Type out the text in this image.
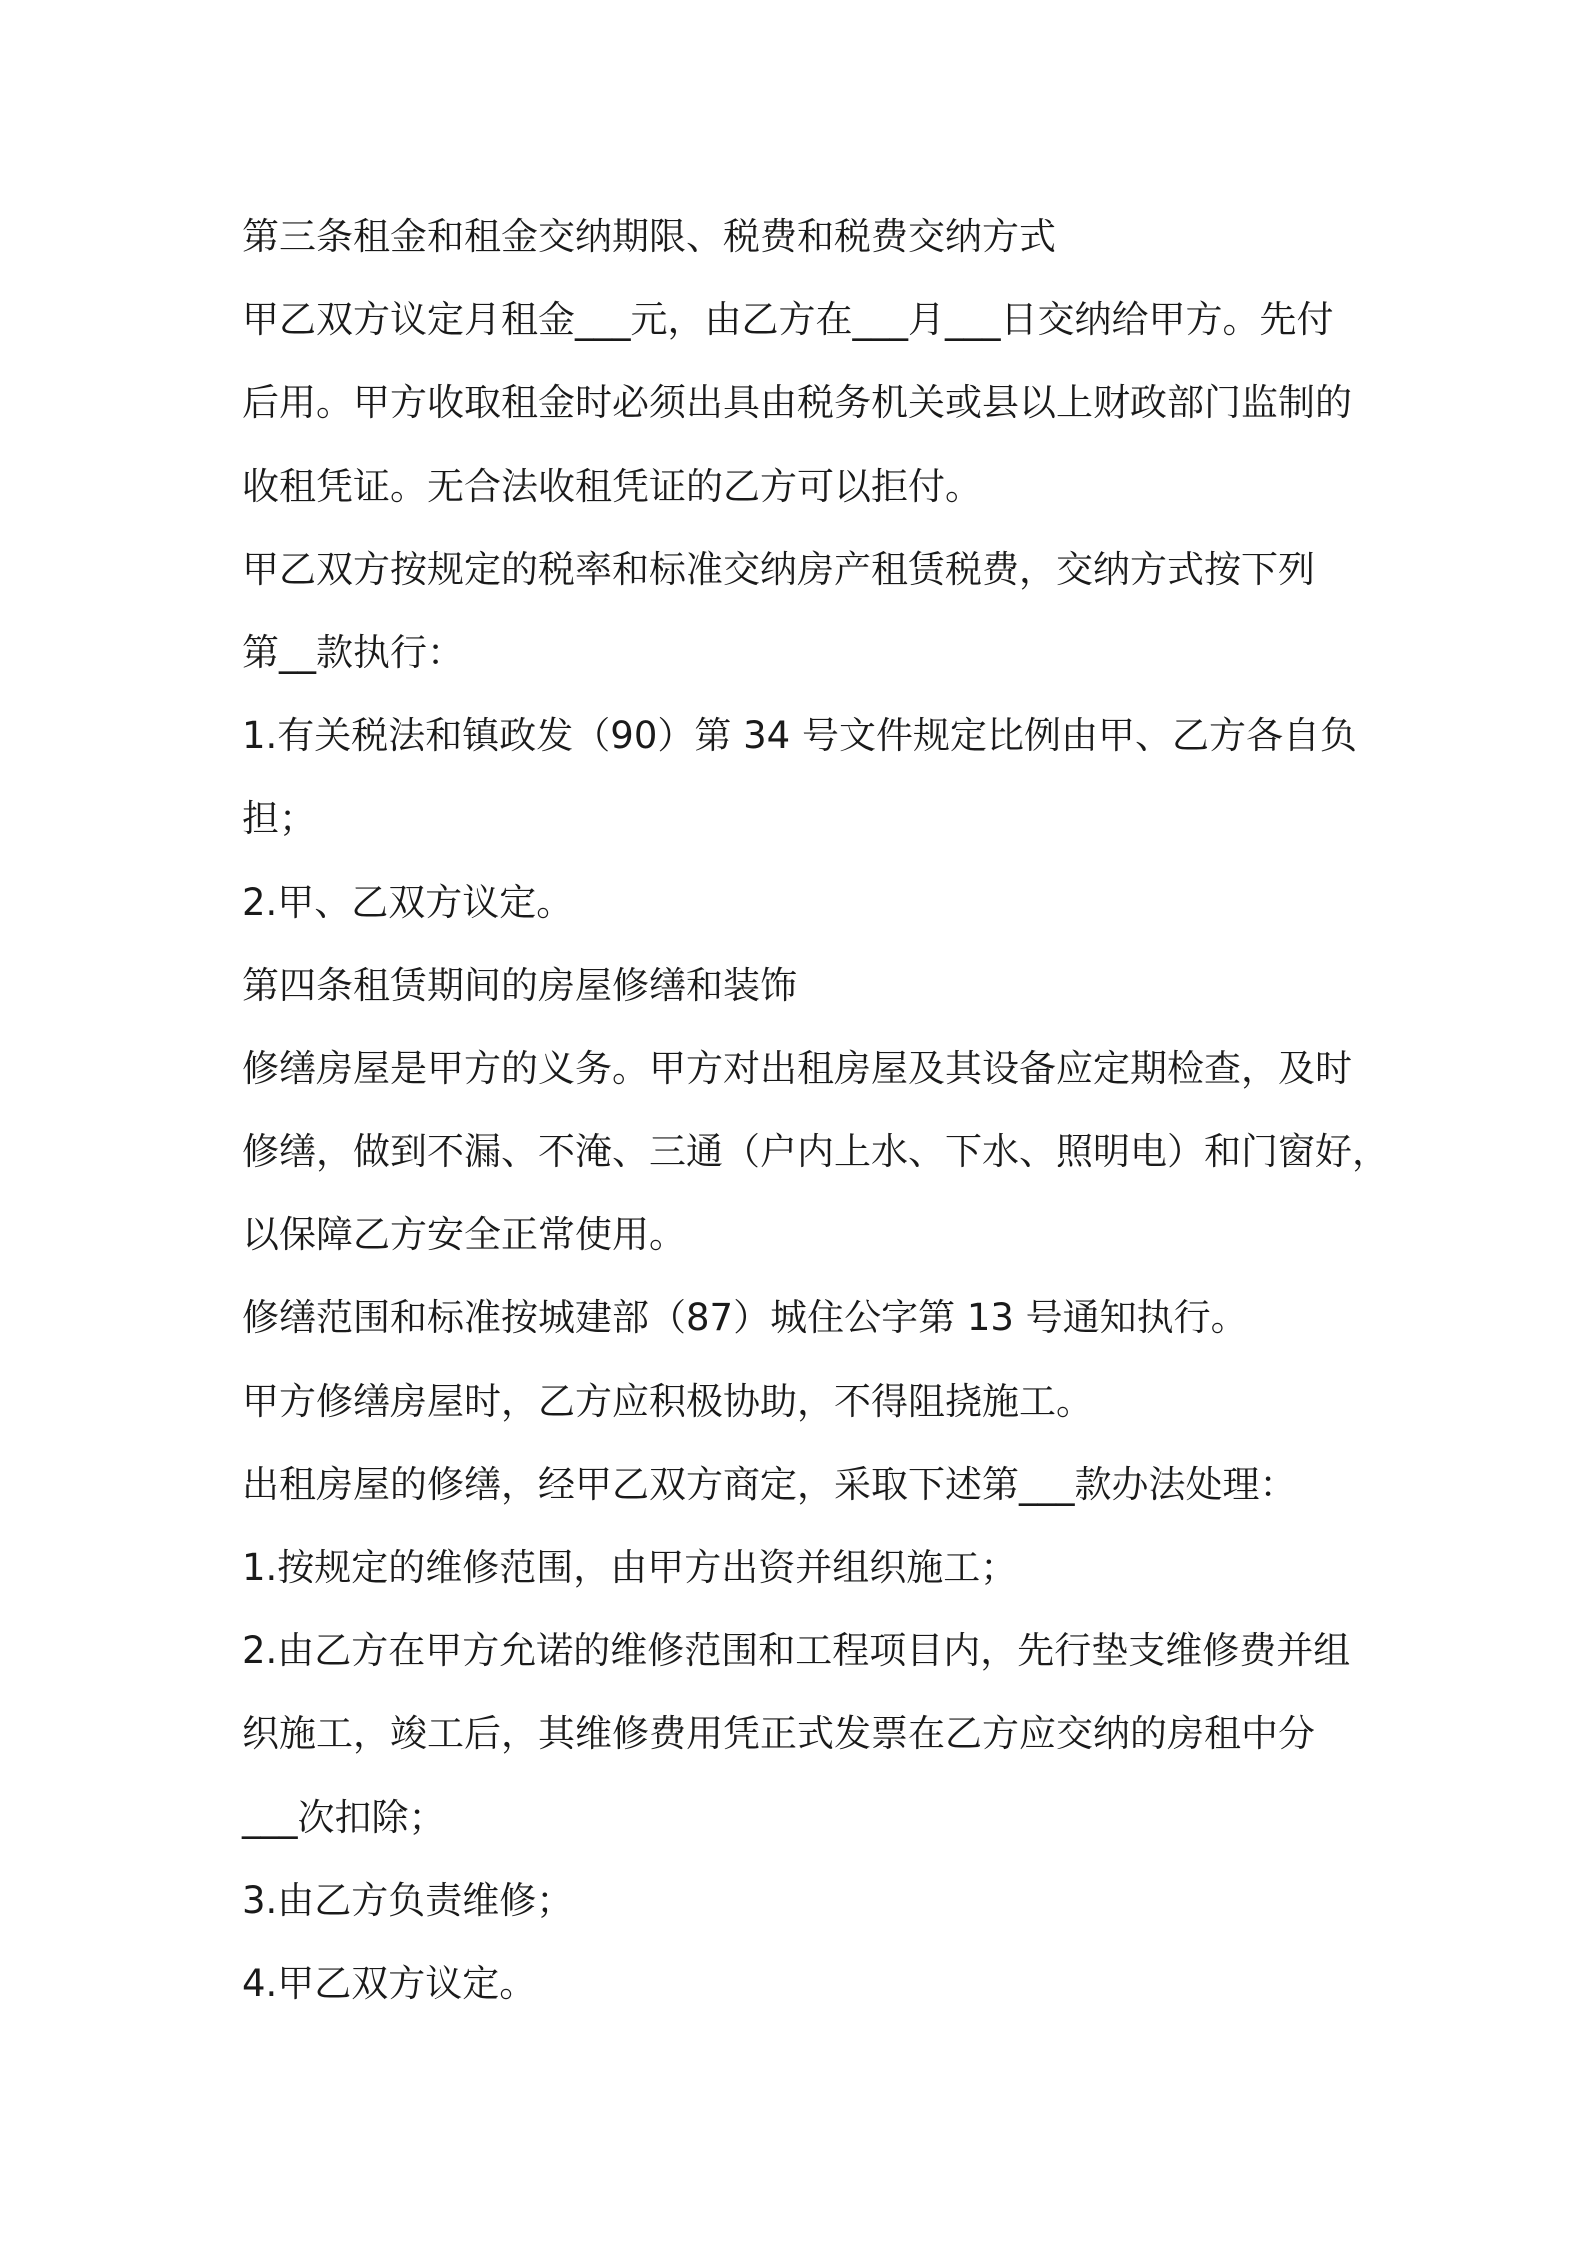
第三条租金和租金交纳期限、税费和税费交纳方式

甲乙双方议定月租金___元，由乙方在___月___日交纳给甲方。先付

后用。甲方收取租金时必须出具由税务机关或县以上财政部门监制的

收租凭证。无合法收租凭证的乙方可以拒付。

甲乙双方按规定的税率和标准交纳房产租赁税费，交纳方式按下列

第__款执行：

1.有关税法和镇政发（90）第 34 号文件规定比例由甲、乙方各自负

担；

2.甲、乙双方议定。

第四条租赁期间的房屋修缮和装饰

修缮房屋是甲方的义务。甲方对出租房屋及其设备应定期检查，及时

修缮，做到不漏、不淹、三通（户内上水、下水、照明电）和门窗好，

以保障乙方安全正常使用。

修缮范围和标准按城建部（87）城住公字第 13 号通知执行。

甲方修缮房屋时，乙方应积极协助，不得阻挠施工。

出租房屋的修缮，经甲乙双方商定，采取下述第___款办法处理：

1.按规定的维修范围，由甲方出资并组织施工；

2.由乙方在甲方允诺的维修范围和工程项目内，先行垫支维修费并组

织施工，竣工后，其维修费用凭正式发票在乙方应交纳的房租中分

___次扣除；

3.由乙方负责维修；

4.甲乙双方议定。
